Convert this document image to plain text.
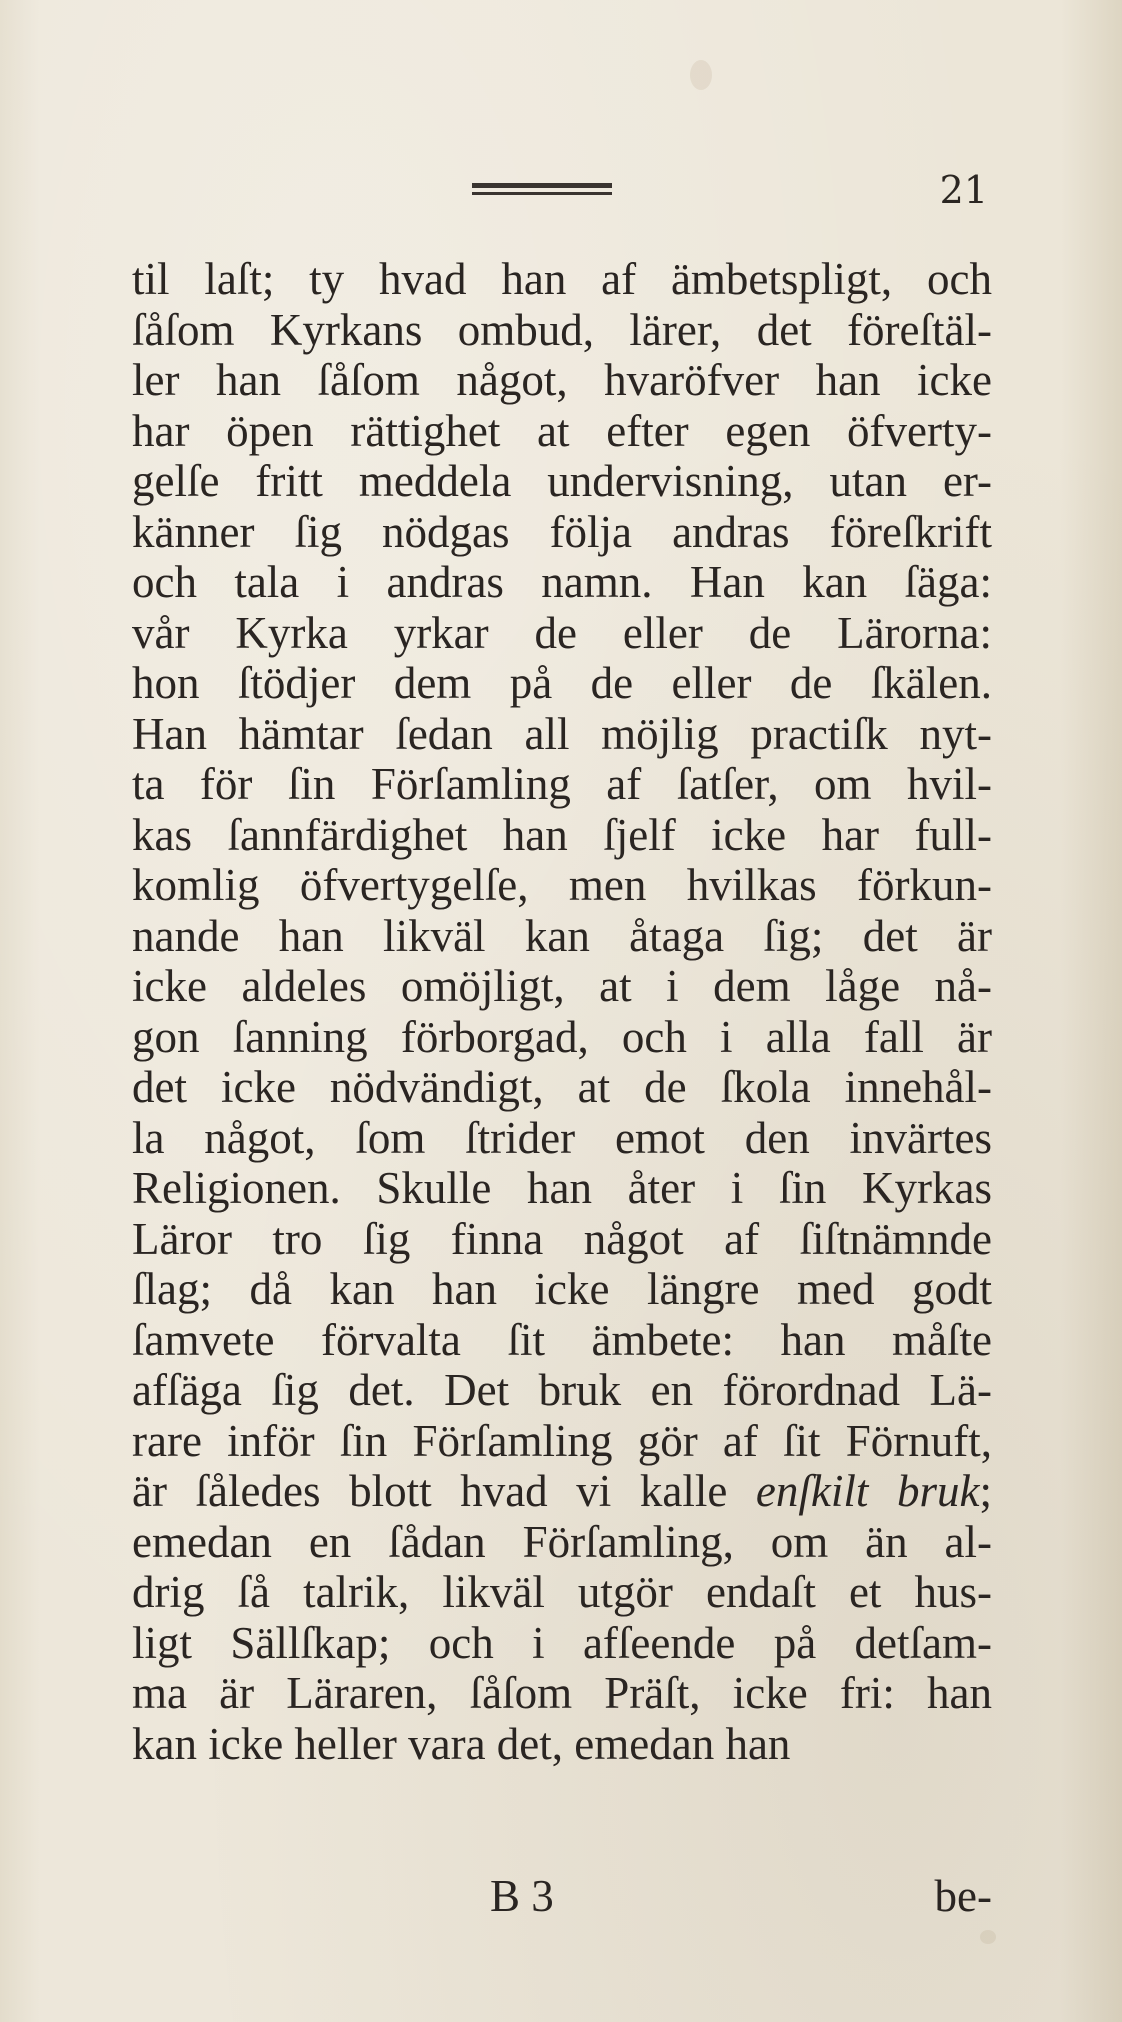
21
til laſt; ty hvad han af ämbetspligt, och
ſåſom Kyrkans ombud, lärer, det föreſtäl-
ler han ſåſom något, hvaröfver han icke
har öpen rättighet at efter egen öfverty-
gelſe fritt meddela undervisning, utan er-
känner ſig nödgas följa andras föreſkrift
och tala i andras namn. Han kan ſäga:
vår Kyrka yrkar de eller de Lärorna:
hon ſtödjer dem på de eller de ſkälen.
Han hämtar ſedan all möjlig practiſk nyt-
ta för ſin Förſamling af ſatſer, om hvil-
kas ſannfärdighet han ſjelf icke har full-
komlig öfvertygelſe, men hvilkas förkun-
nande han likväl kan åtaga ſig; det är
icke aldeles omöjligt, at i dem låge nå-
gon ſanning förborgad, och i alla fall är
det icke nödvändigt, at de ſkola innehål-
la något, ſom ſtrider emot den invärtes
Religionen. Skulle han åter i ſin Kyrkas
Läror tro ſig finna något af ſiſtnämnde
ſlag; då kan han icke längre med godt
ſamvete förvalta ſit ämbete: han måſte
afſäga ſig det. Det bruk en förordnad Lä-
rare inför ſin Förſamling gör af ſit Förnuft,
är ſåledes blott hvad vi kalle enſkilt bruk;
emedan en ſådan Förſamling, om än al-
drig ſå talrik, likväl utgör endaſt et hus-
ligt Sällſkap; och i afſeende på detſam-
ma är Läraren, ſåſom Präſt, icke fri: han
kan icke heller vara det, emedan han
B 3	be-
